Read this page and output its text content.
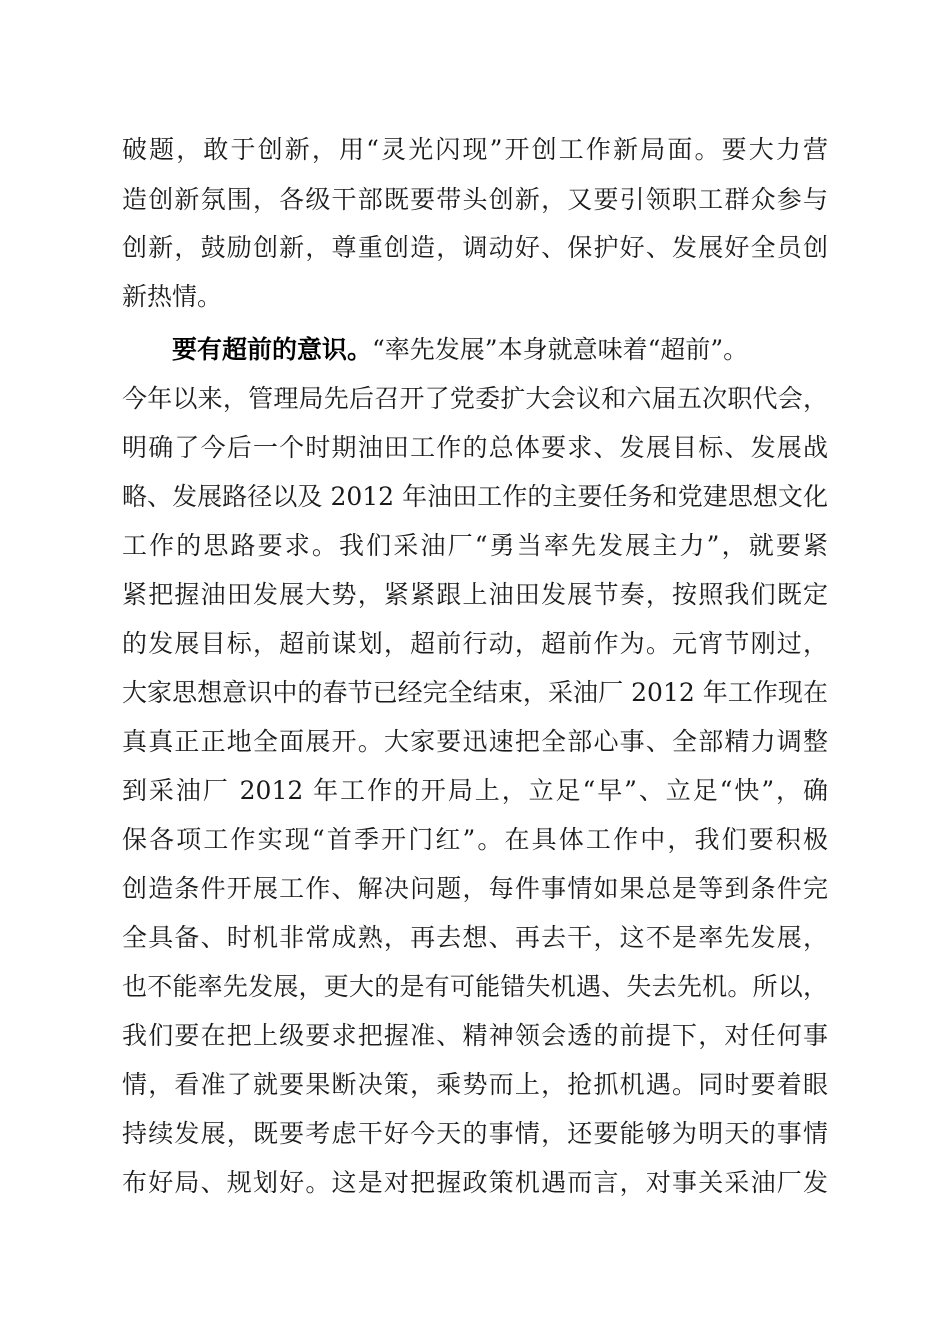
破题，敢于创新，用“灵光闪现”开创工作新局面。要大力营
造创新氛围，各级干部既要带头创新，又要引领职工群众参与
创新，鼓励创新，尊重创造，调动好、保护好、发展好全员创
新热情。
要有超前的意识。“率先发展”本身就意味着“超前”。
今年以来，管理局先后召开了党委扩大会议和六届五次职代会，
明确了今后一个时期油田工作的总体要求、发展目标、发展战
略、发展路径以及 2012 年油田工作的主要任务和党建思想文化
工作的思路要求。我们采油厂“勇当率先发展主力”，就要紧
紧把握油田发展大势，紧紧跟上油田发展节奏，按照我们既定
的发展目标，超前谋划，超前行动，超前作为。元宵节刚过，
大家思想意识中的春节已经完全结束，采油厂 2012 年工作现在
真真正正地全面展开。大家要迅速把全部心事、全部精力调整
到采油厂 2012 年工作的开局上，立足“早”、立足“快”，确
保各项工作实现“首季开门红”。在具体工作中，我们要积极
创造条件开展工作、解决问题，每件事情如果总是等到条件完
全具备、时机非常成熟，再去想、再去干，这不是率先发展，
也不能率先发展，更大的是有可能错失机遇、失去先机。所以，
我们要在把上级要求把握准、精神领会透的前提下，对任何事
情，看准了就要果断决策，乘势而上，抢抓机遇。同时要着眼
持续发展，既要考虑干好今天的事情，还要能够为明天的事情
布好局、规划好。这是对把握政策机遇而言，对事关采油厂发
